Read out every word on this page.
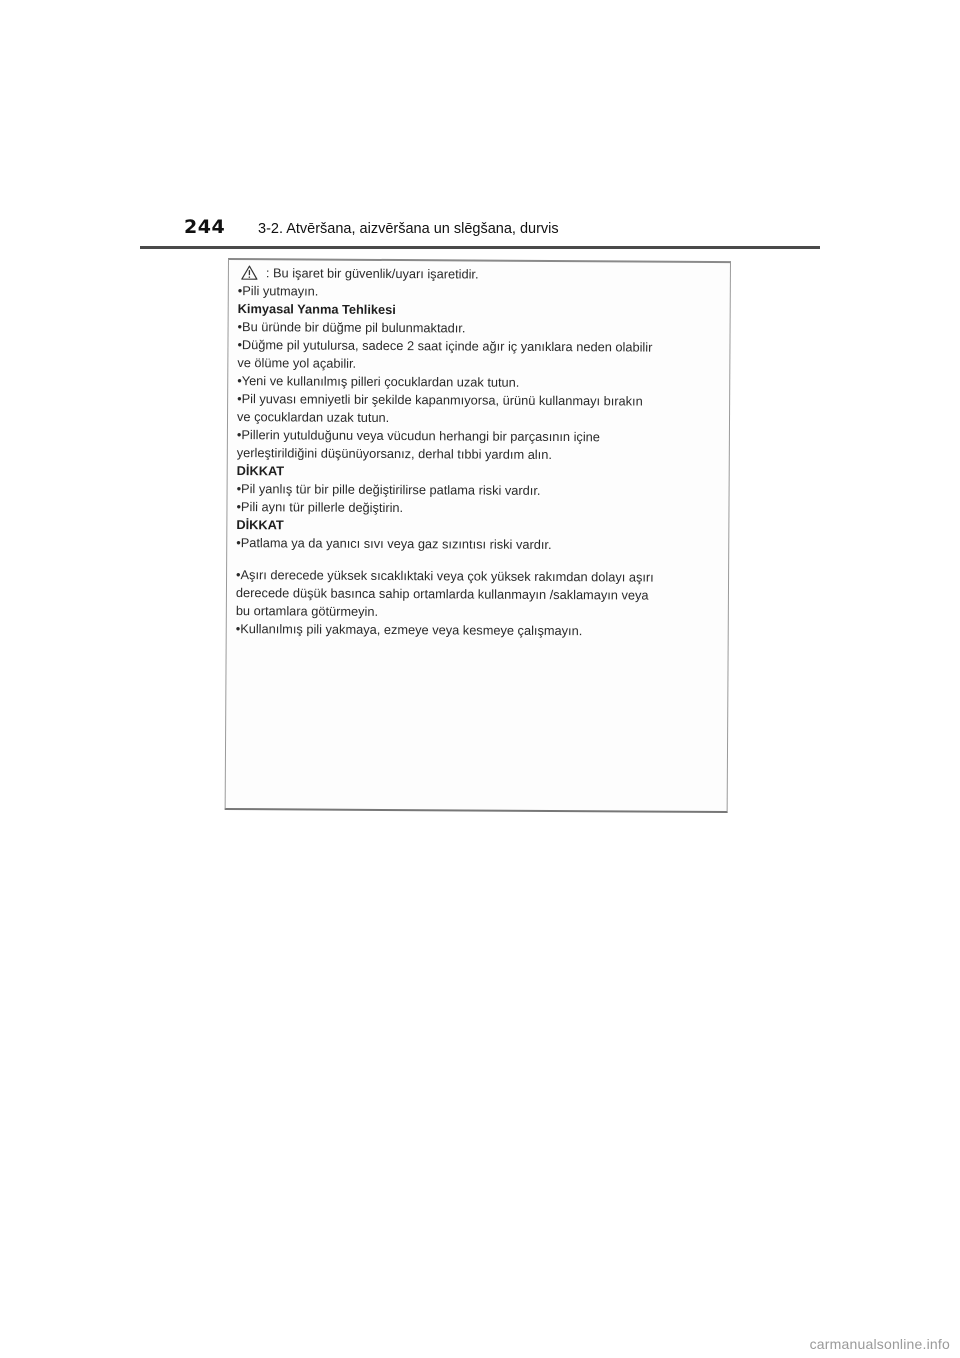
244 3-2. Atvēršana, aizvēršana un slēgšana, durvis
: Bu işaret bir güvenlik/uyarı işaretidir.
•Pili yutmayın.
Kimyasal Yanma Tehlikesi
•Bu üründe bir düğme pil bulunmaktadır.
•Düğme pil yutulursa, sadece 2 saat içinde ağır iç yanıklara neden olabilir
ve ölüme yol açabilir.
•Yeni ve kullanılmış pilleri çocuklardan uzak tutun.
•Pil yuvası emniyetli bir şekilde kapanmıyorsa, ürünü kullanmayı bırakın
ve çocuklardan uzak tutun.
•Pillerin yutulduğunu veya vücudun herhangi bir parçasının içine
yerleştirildiğini düşünüyorsanız, derhal tıbbi yardım alın.
DİKKAT
•Pil yanlış tür bir pille değiştirilirse patlama riski vardır.
•Pili aynı tür pillerle değiştirin.
DİKKAT
•Patlama ya da yanıcı sıvı veya gaz sızıntısı riski vardır.
•Aşırı derecede yüksek sıcaklıktaki veya çok yüksek rakımdan dolayı aşırı
derecede düşük basınca sahip ortamlarda kullanmayın /saklamayın veya
bu ortamlara götürmeyin.
•Kullanılmış pili yakmaya, ezmeye veya kesmeye çalışmayın.
carmanualsonline.info
